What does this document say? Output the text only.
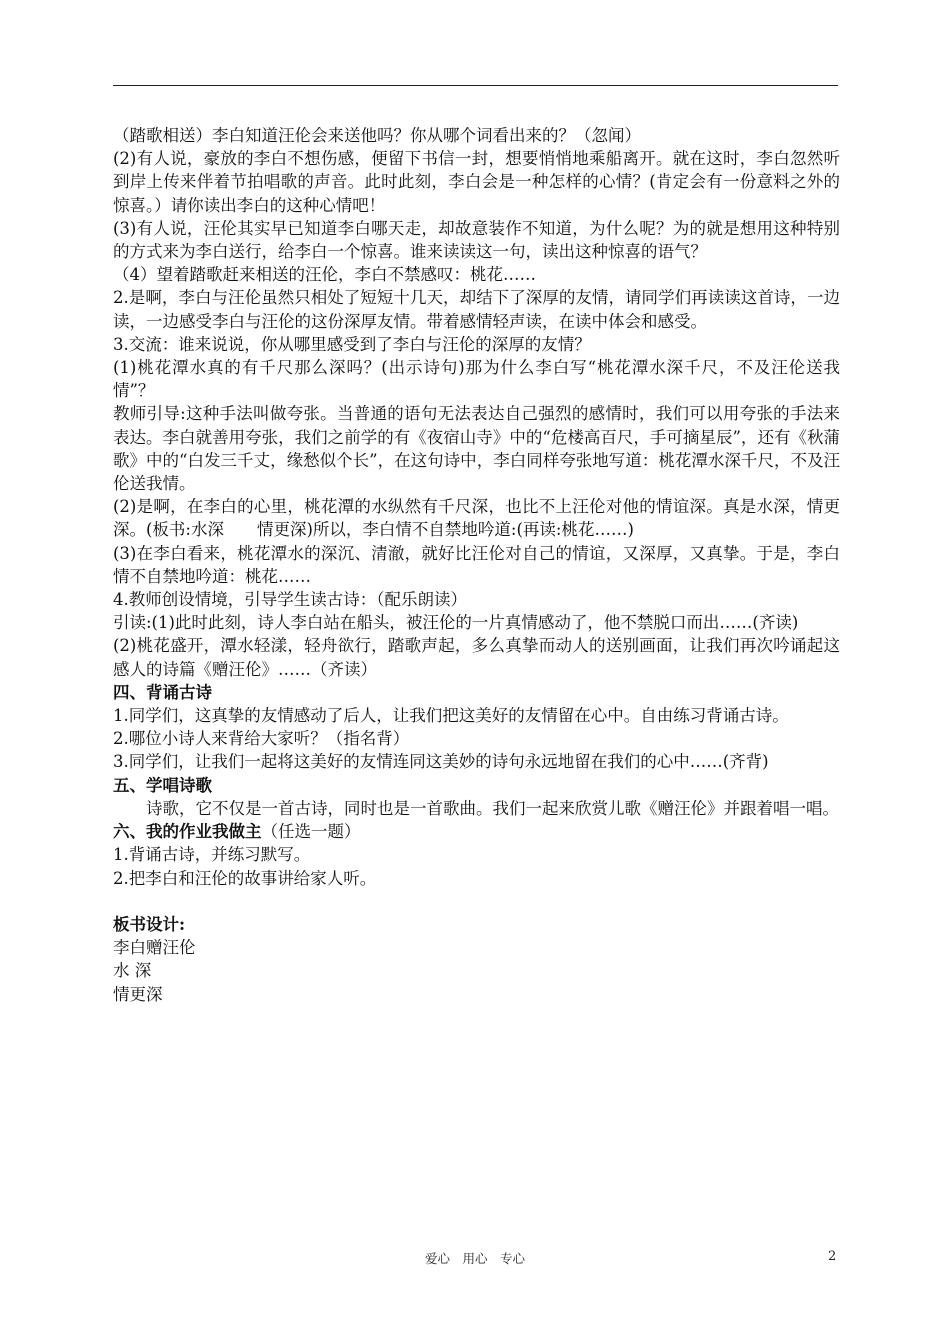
（踏歌相送）李白知道汪伦会来送他吗？你从哪个词看出来的？（忽闻）

(2)有人说，豪放的李白不想伤感，便留下书信一封，想要悄悄地乘船离开。就在这时，李白忽然听到岸上传来伴着节拍唱歌的声音。此时此刻，李白会是一种怎样的心情？(肯定会有一份意料之外的惊喜。）请你读出李白的这种心情吧！

(3)有人说，汪伦其实早已知道李白哪天走，却故意装作不知道，为什么呢？为的就是想用这种特别的方式来为李白送行，给李白一个惊喜。谁来读读这一句，读出这种惊喜的语气？

（4）望着踏歌赶来相送的汪伦，李白不禁感叹：桃花……

2.是啊，李白与汪伦虽然只相处了短短十几天，却结下了深厚的友情，请同学们再读读这首诗，一边读，一边感受李白与汪伦的这份深厚友情。带着感情轻声读，在读中体会和感受。

3.交流：谁来说说，你从哪里感受到了李白与汪伦的深厚的友情？

(1)桃花潭水真的有千尺那么深吗？(出示诗句)那为什么李白写“桃花潭水深千尺，不及汪伦送我情”？

教师引导:这种手法叫做夸张。当普通的语句无法表达自己强烈的感情时，我们可以用夸张的手法来表达。李白就善用夸张，我们之前学的有《夜宿山寺》中的“危楼高百尺，手可摘星辰”，还有《秋蒲歌》中的“白发三千丈，缘愁似个长”，在这句诗中，李白同样夸张地写道：桃花潭水深千尺，不及汪伦送我情。

(2)是啊，在李白的心里，桃花潭的水纵然有千尺深，也比不上汪伦对他的情谊深。真是水深，情更深。(板书:水深　　情更深)所以，李白情不自禁地吟道:(再读:桃花……)

(3)在李白看来，桃花潭水的深沉、清澈，就好比汪伦对自己的情谊，又深厚，又真挚。于是，李白情不自禁地吟道：桃花……

4.教师创设情境，引导学生读古诗：（配乐朗读）

引读:(1)此时此刻，诗人李白站在船头，被汪伦的一片真情感动了，他不禁脱口而出……(齐读)

(2)桃花盛开，潭水轻漾，轻舟欲行，踏歌声起，多么真挚而动人的送别画面，让我们再次吟诵起这感人的诗篇《赠汪伦》……（齐读）

四、背诵古诗

1.同学们，这真挚的友情感动了后人，让我们把这美好的友情留在心中。自由练习背诵古诗。

2.哪位小诗人来背给大家听？（指名背）

3.同学们，让我们一起将这美好的友情连同这美妙的诗句永远地留在我们的心中……(齐背)

五、学唱诗歌

诗歌，它不仅是一首古诗，同时也是一首歌曲。我们一起来欣赏儿歌《赠汪伦》并跟着唱一唱。

六、我的作业我做主（任选一题）

1.背诵古诗，并练习默写。

2.把李白和汪伦的故事讲给家人听。

板书设计:

李白赠汪伦

水 深

情更深

爱心　用心　专心	2
